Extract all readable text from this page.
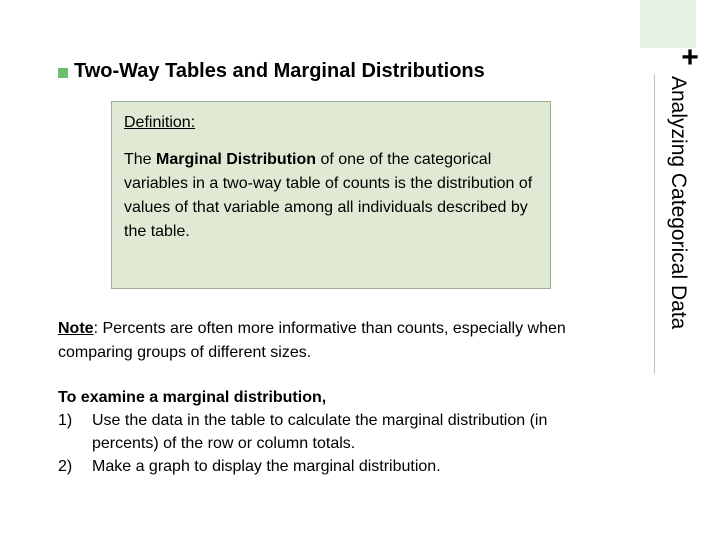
+
Analyzing Categorical Data
Two-Way Tables and Marginal Distributions
Definition:
The Marginal Distribution of one of the categorical variables in a two-way table of counts is the distribution of values of that variable among all individuals described by the table.
Note: Percents are often more informative than counts, especially when comparing groups of different sizes.
To examine a marginal distribution,
1)	Use the data in the table to calculate the marginal distribution (in percents) of the row or column totals.
2)	Make a graph to display the marginal distribution.
